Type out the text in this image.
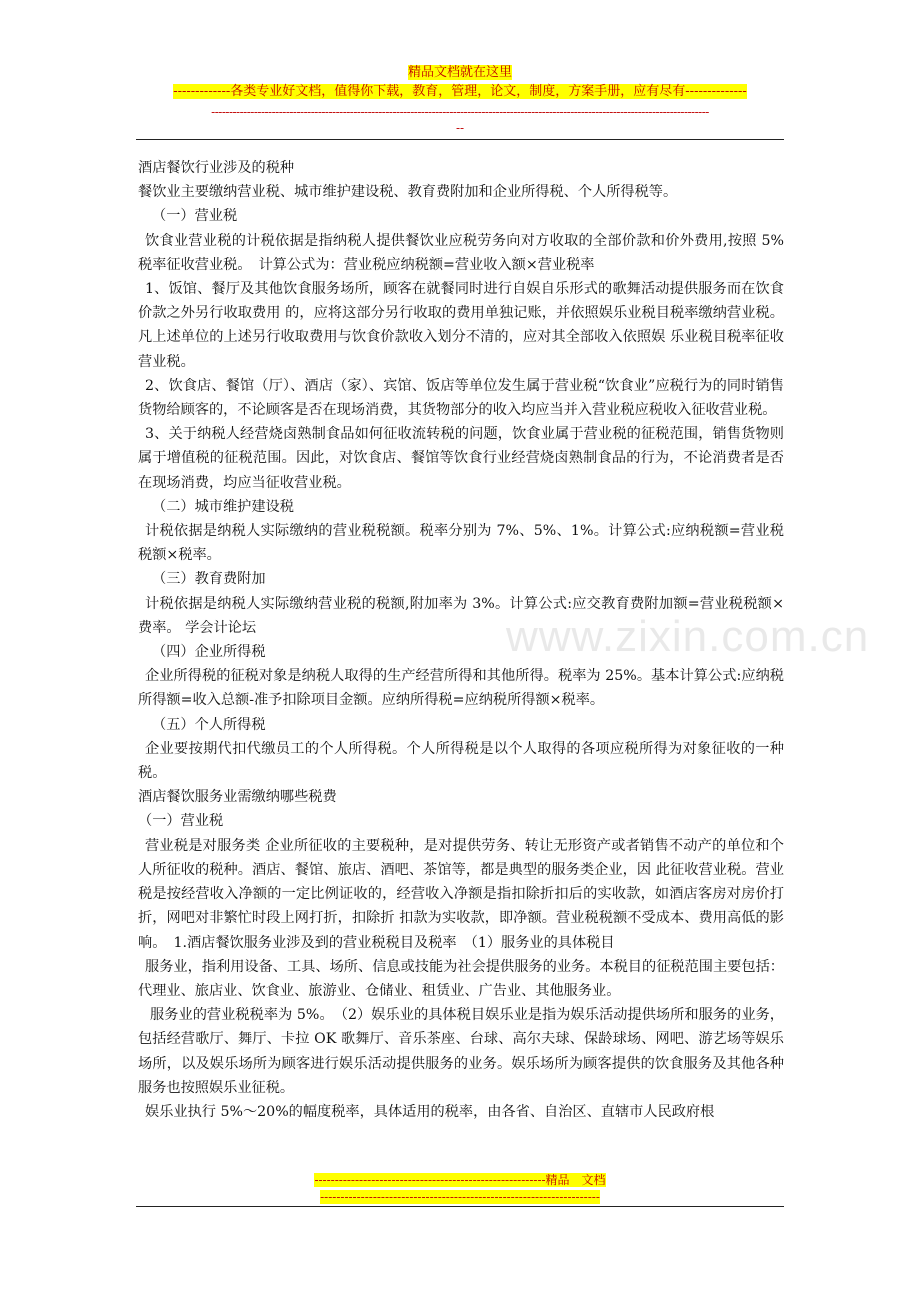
精品文档就在这里
-------------各类专业好文档，值得你下载，教育，管理，论文，制度，方案手册，应有尽有--------------
--------------------------------------------------------------------------------------------------------------------------------------------
--
www.zixin.com.cn

酒店餐饮行业涉及的税种

餐饮业主要缴纳营业税、城市维护建设税、教育费附加和企业所得税、个人所得税等。

（一）营业税

饮食业营业税的计税依据是指纳税人提供餐饮业应税劳务向对方收取的全部价款和价外费用,按照 5%税率征收营业税。　计算公式为：营业税应纳税额=营业收入额×营业税率

1、饭馆、餐厅及其他饮食服务场所，顾客在就餐同时进行自娱自乐形式的歌舞活动提供服务而在饮食价款之外另行收取费用 的，应将这部分另行收取的费用单独记账，并依照娱乐业税目税率缴纳营业税。凡上述单位的上述另行收取费用与饮食价款收入划分不清的，应对其全部收入依照娱 乐业税目税率征收营业税。

2、饮食店、餐馆（厅）、酒店（家）、宾馆、饭店等单位发生属于营业税“饮食业”应税行为的同时销售货物给顾客的，不论顾客是否在现场消费，其货物部分的收入均应当并入营业税应税收入征收营业税。

3、关于纳税人经营烧卤熟制食品如何征收流转税的问题，饮食业属于营业税的征税范围，销售货物则属于增值税的征税范围。因此，对饮食店、餐馆等饮食行业经营烧卤熟制食品的行为，不论消费者是否在现场消费，均应当征收营业税。

（二）城市维护建设税

计税依据是纳税人实际缴纳的营业税税额。税率分别为 7%、5%、1%。计算公式:应纳税额=营业税税额×税率。

（三）教育费附加

计税依据是纳税人实际缴纳营业税的税额,附加率为 3%。计算公式:应交教育费附加额=营业税税额×费率。 学会计论坛

（四）企业所得税

企业所得税的征税对象是纳税人取得的生产经营所得和其他所得。税率为 25%。基本计算公式:应纳税所得额=收入总额-准予扣除项目金额。应纳所得税=应纳税所得额×税率。

（五）个人所得税

企业要按期代扣代缴员工的个人所得税。个人所得税是以个人取得的各项应税所得为对象征收的一种税。

酒店餐饮服务业需缴纳哪些税费

（一）营业税

营业税是对服务类 企业所征收的主要税种，是对提供劳务、转让无形资产或者销售不动产的单位和个人所征收的税种。酒店、餐馆、旅店、酒吧、茶馆等，都是典型的服务类企业，因 此征收营业税。营业税是按经营收入净额的一定比例证收的，经营收入净额是指扣除折扣后的实收款，如酒店客房对房价打折，网吧对非繁忙时段上网打折，扣除折 扣款为实收款，即净额。营业税税额不受成本、费用高低的影响。　1.酒店餐饮服务业涉及到的营业税税目及税率　（1）服务业的具体税目

服务业，指利用设备、工具、场所、信息或技能为社会提供服务的业务。本税目的征税范围主要包括：代理业、旅店业、饮食业、旅游业、仓储业、租赁业、广告业、其他服务业。

服务业的营业税税率为 5%。　（2）娱乐业的具体税目娱乐业是指为娱乐活动提供场所和服务的业务，包括经营歌厅、舞厅、卡拉 OK 歌舞厅、音乐茶座、台球、高尔夫球、保龄球场、网吧、游艺场等娱乐场所，以及娱乐场所为顾客进行娱乐活动提供服务的业务。娱乐场所为顾客提供的饮食服务及其他各种服务也按照娱乐业征税。

娱乐业执行 5%～20%的幅度税率，具体适用的税率，由各省、自治区、直辖市人民政府根

---------------------------------------------------------精品　文档
---------------------------------------------------------------------
